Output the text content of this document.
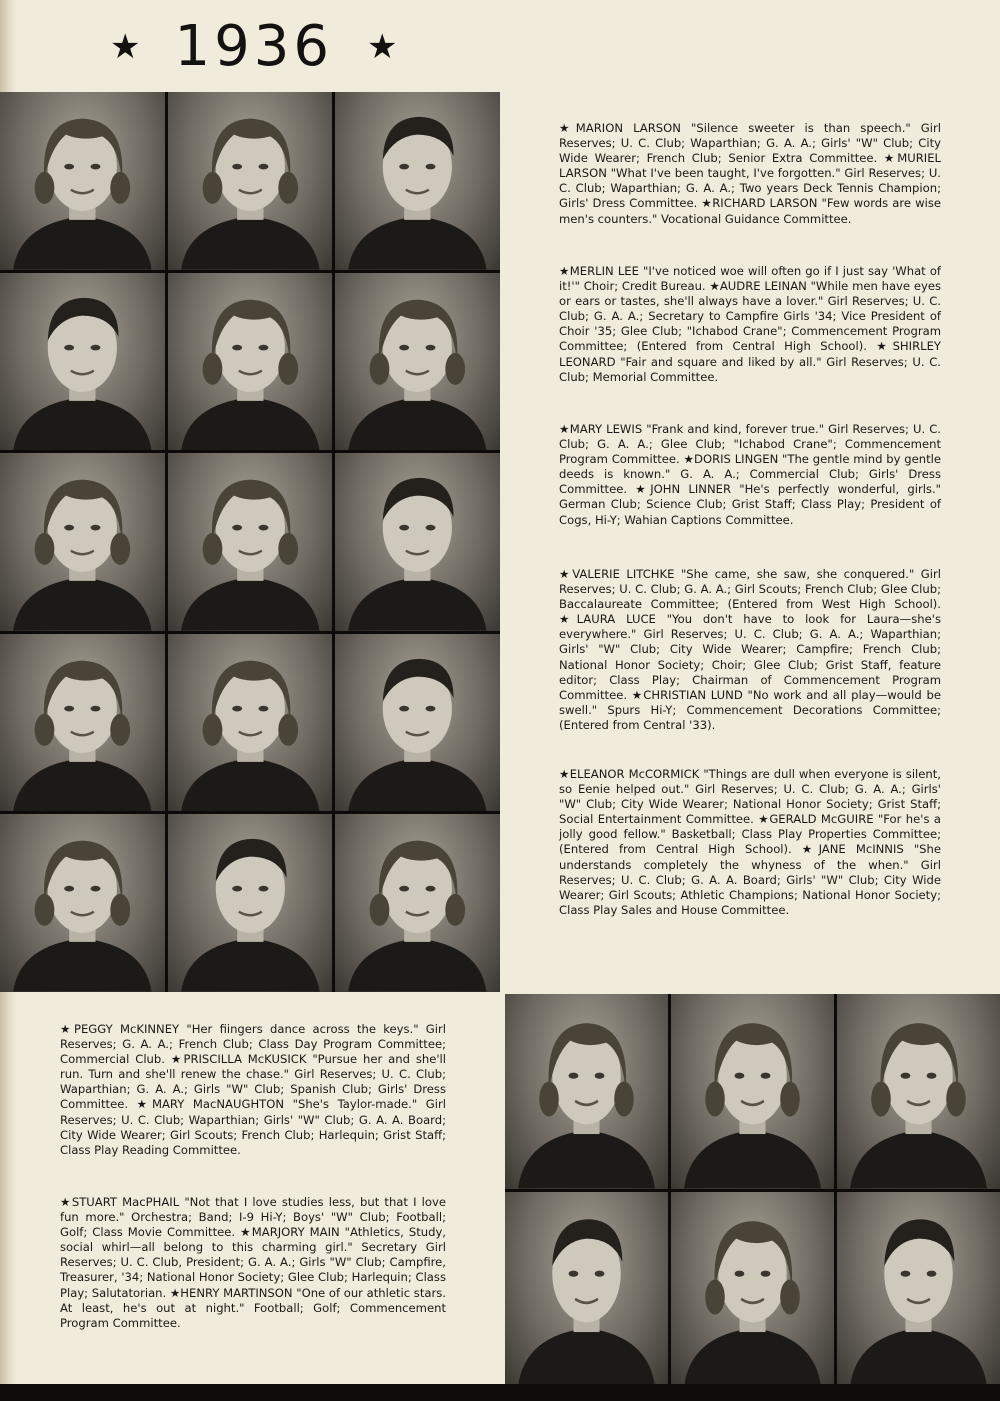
★ 1936 ★

★MARION LARSON "Silence sweeter is than speech." Girl Reserves; U. C. Club; Waparthian; G. A. A.; Girls' "W" Club; City Wide Wearer; French Club; Senior Extra Committee. ★MURIEL LARSON "What I've been taught, I've forgotten." Girl Reserves; U. C. Club; Waparthian; G. A. A.; Two years Deck Tennis Champion; Girls' Dress Committee. ★RICHARD LARSON "Few words are wise men's counters." Vocational Guidance Committee.

★MERLIN LEE "I've noticed woe will often go if I just say 'What of it!'" Choir; Credit Bureau. ★AUDRE LEINAN "While men have eyes or ears or tastes, she'll always have a lover." Girl Reserves; U. C. Club; G. A. A.; Secretary to Campfire Girls '34; Vice President of Choir '35; Glee Club; "Ichabod Crane"; Commencement Program Committee; (Entered from Central High School). ★SHIRLEY LEONARD "Fair and square and liked by all." Girl Reserves; U. C. Club; Memorial Committee.

★MARY LEWIS "Frank and kind, forever true." Girl Reserves; U. C. Club; G. A. A.; Glee Club; "Ichabod Crane"; Commencement Program Committee. ★DORIS LINGEN "The gentle mind by gentle deeds is known." G. A. A.; Commercial Club; Girls' Dress Committee. ★JOHN LINNER "He's perfectly wonderful, girls." German Club; Science Club; Grist Staff; Class Play; President of Cogs, Hi-Y; Wahian Captions Committee.

★VALERIE LITCHKE "She came, she saw, she conquered." Girl Reserves; U. C. Club; G. A. A.; Girl Scouts; French Club; Glee Club; Baccalaureate Committee; (Entered from West High School). ★LAURA LUCE "You don't have to look for Laura—she's everywhere." Girl Reserves; U. C. Club; G. A. A.; Waparthian; Girls' "W" Club; City Wide Wearer; Campfire; French Club; National Honor Society; Choir; Glee Club; Grist Staff, feature editor; Class Play; Chairman of Commencement Program Committee. ★CHRISTIAN LUND "No work and all play—would be swell." Spurs Hi-Y; Commencement Decorations Committee; (Entered from Central '33).

★ELEANOR McCORMICK "Things are dull when everyone is silent, so Eenie helped out." Girl Reserves; U. C. Club; G. A. A.; Girls' "W" Club; City Wide Wearer; National Honor Society; Grist Staff; Social Entertainment Committee. ★GERALD McGUIRE "For he's a jolly good fellow." Basketball; Class Play Properties Committee; (Entered from Central High School). ★JANE McINNIS "She understands completely the whyness of the when." Girl Reserves; U. C. Club; G. A. A. Board; Girls' "W" Club; City Wide Wearer; Girl Scouts; Athletic Champions; National Honor Society; Class Play Sales and House Committee.

★PEGGY McKINNEY "Her fiingers dance across the keys." Girl Reserves; G. A. A.; French Club; Class Day Program Committee; Commercial Club. ★PRISCILLA McKUSICK "Pursue her and she'll run. Turn and she'll renew the chase." Girl Reserves; U. C. Club; Waparthian; G. A. A.; Girls "W" Club; Spanish Club; Girls' Dress Committee. ★MARY MacNAUGHTON "She's Taylor-made." Girl Reserves; U. C. Club; Waparthian; Girls' "W" Club; G. A. A. Board; City Wide Wearer; Girl Scouts; French Club; Harlequin; Grist Staff; Class Play Reading Committee.

★STUART MacPHAIL "Not that I love studies less, but that I love fun more." Orchestra; Band; I-9 Hi-Y; Boys' "W" Club; Football; Golf; Class Movie Committee. ★MARJORY MAIN "Athletics, Study, social whirl—all belong to this charming girl." Secretary Girl Reserves; U. C. Club, President; G. A. A.; Girls "W" Club; Campfire, Treasurer, '34; National Honor Society; Glee Club; Harlequin; Class Play; Salutatorian. ★HENRY MARTINSON "One of our athletic stars. At least, he's out at night." Football; Golf; Commencement Program Committee.
